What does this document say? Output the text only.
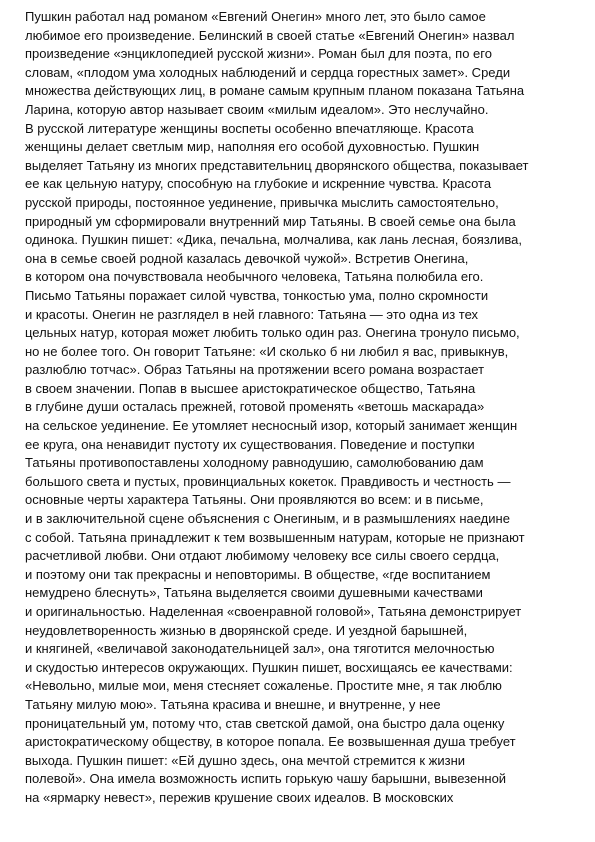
Пушкин работал над романом «Евгений Онегин» много лет, это было самое
любимое его произведение. Белинский в своей статье «Евгений Онегин» назвал
произведение «энциклопедией русской жизни». Роман был для поэта, по его
словам, «плодом ума холодных наблюдений и сердца горестных замет». Среди
множества действующих лиц, в романе самым крупным планом показана Татьяна
Ларина, которую автор называет своим «милым идеалом». Это неслучайно.
В русской литературе женщины воспеты особенно впечатляюще. Красота
женщины делает светлым мир, наполняя его особой духовностью. Пушкин
выделяет Татьяну из многих представительниц дворянского общества, показывает
ее как цельную натуру, способную на глубокие и искренние чувства. Красота
русской природы, постоянное уединение, привычка мыслить самостоятельно,
природный ум сформировали внутренний мир Татьяны. В своей семье она была
одинока. Пушкин пишет: «Дика, печальна, молчалива, как лань лесная, боязлива,
она в семье своей родной казалась девочкой чужой». Встретив Онегина,
в котором она почувствовала необычного человека, Татьяна полюбила его.
Письмо Татьяны поражает силой чувства, тонкостью ума, полно скромности
и красоты. Онегин не разглядел в ней главного: Татьяна — это одна из тех
цельных натур, которая может любить только один раз. Онегина тронуло письмо,
но не более того. Он говорит Татьяне: «И сколько б ни любил я вас, привыкнув,
разлюблю тотчас». Образ Татьяны на протяжении всего романа возрастает
в своем значении. Попав в высшее аристократическое общество, Татьяна
в глубине души осталась прежней, готовой променять «ветошь маскарада»
на сельское уединение. Ее утомляет несносный изор, который занимает женщин
ее круга, она ненавидит пустоту их существования. Поведение и поступки
Татьяны противопоставлены холодному равнодушию, самолюбованию дам
большого света и пустых, провинциальных кокеток. Правдивость и честность —
основные черты характера Татьяны. Они проявляются во всем: и в письме,
и в заключительной сцене объяснения с Онегиным, и в размышлениях наедине
с собой. Татьяна принадлежит к тем возвышенным натурам, которые не признают
расчетливой любви. Они отдают любимому человеку все силы своего сердца,
и поэтому они так прекрасны и неповторимы. В обществе, «где воспитанием
немудрено блеснуть», Татьяна выделяется своими душевными качествами
и оригинальностью. Наделенная «своенравной головой», Татьяна демонстрирует
неудовлетворенность жизнью в дворянской среде. И уездной барышней,
и княгиней, «величавой законодательницей зал», она тяготится мелочностью
и скудостью интересов окружающих. Пушкин пишет, восхищаясь ее качествами:
«Невольно, милые мои, меня стесняет сожаленье. Простите мне, я так люблю
Татьяну милую мою». Татьяна красива и внешне, и внутренне, у нее
проницательный ум, потому что, став светской дамой, она быстро дала оценку
аристократическому обществу, в которое попала. Ее возвышенная душа требует
выхода. Пушкин пишет: «Ей душно здесь, она мечтой стремится к жизни
полевой». Она имела возможность испить горькую чашу барышни, вывезенной
на «ярмарку невест», пережив крушение своих идеалов. В московских
